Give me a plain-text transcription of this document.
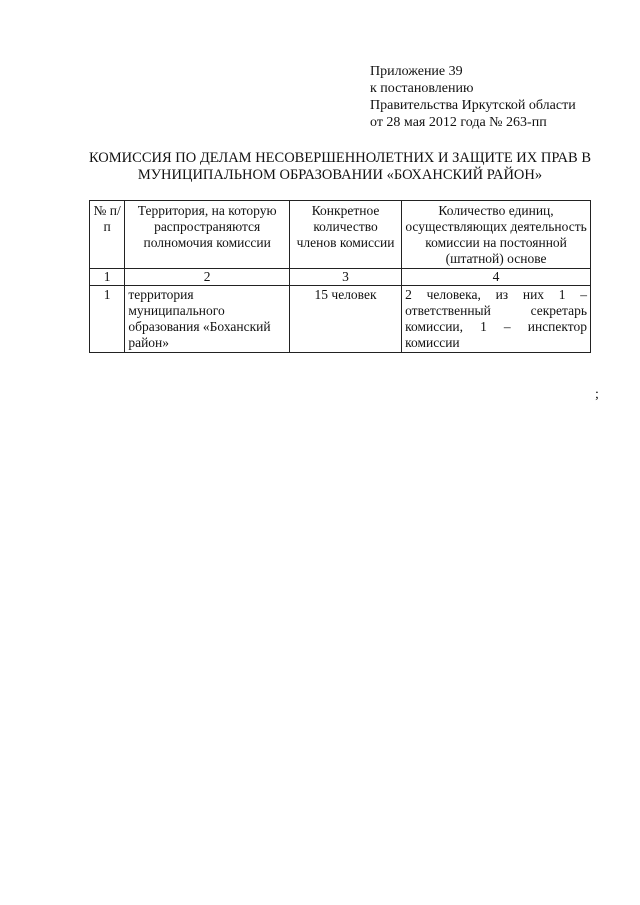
Приложение 39
к постановлению
Правительства Иркутской области
от 28 мая 2012 года № 263-пп
КОМИССИЯ ПО ДЕЛАМ НЕСОВЕРШЕННОЛЕТНИХ И ЗАЩИТЕ ИХ ПРАВ В
МУНИЦИПАЛЬНОМ ОБРАЗОВАНИИ «БОХАНСКИЙ РАЙОН»
№ п/п	Территория, на которую распространяются полномочия комиссии	Конкретное количество членов комиссии	Количество единиц, осуществляющих деятельность комиссии на постоянной (штатной) основе
1	2	3	4
1	территория муниципального образования «Боханский район»	15 человек	2 человека, из них 1 – ответственный секретарь комиссии, 1 – инспектор комиссии
;
